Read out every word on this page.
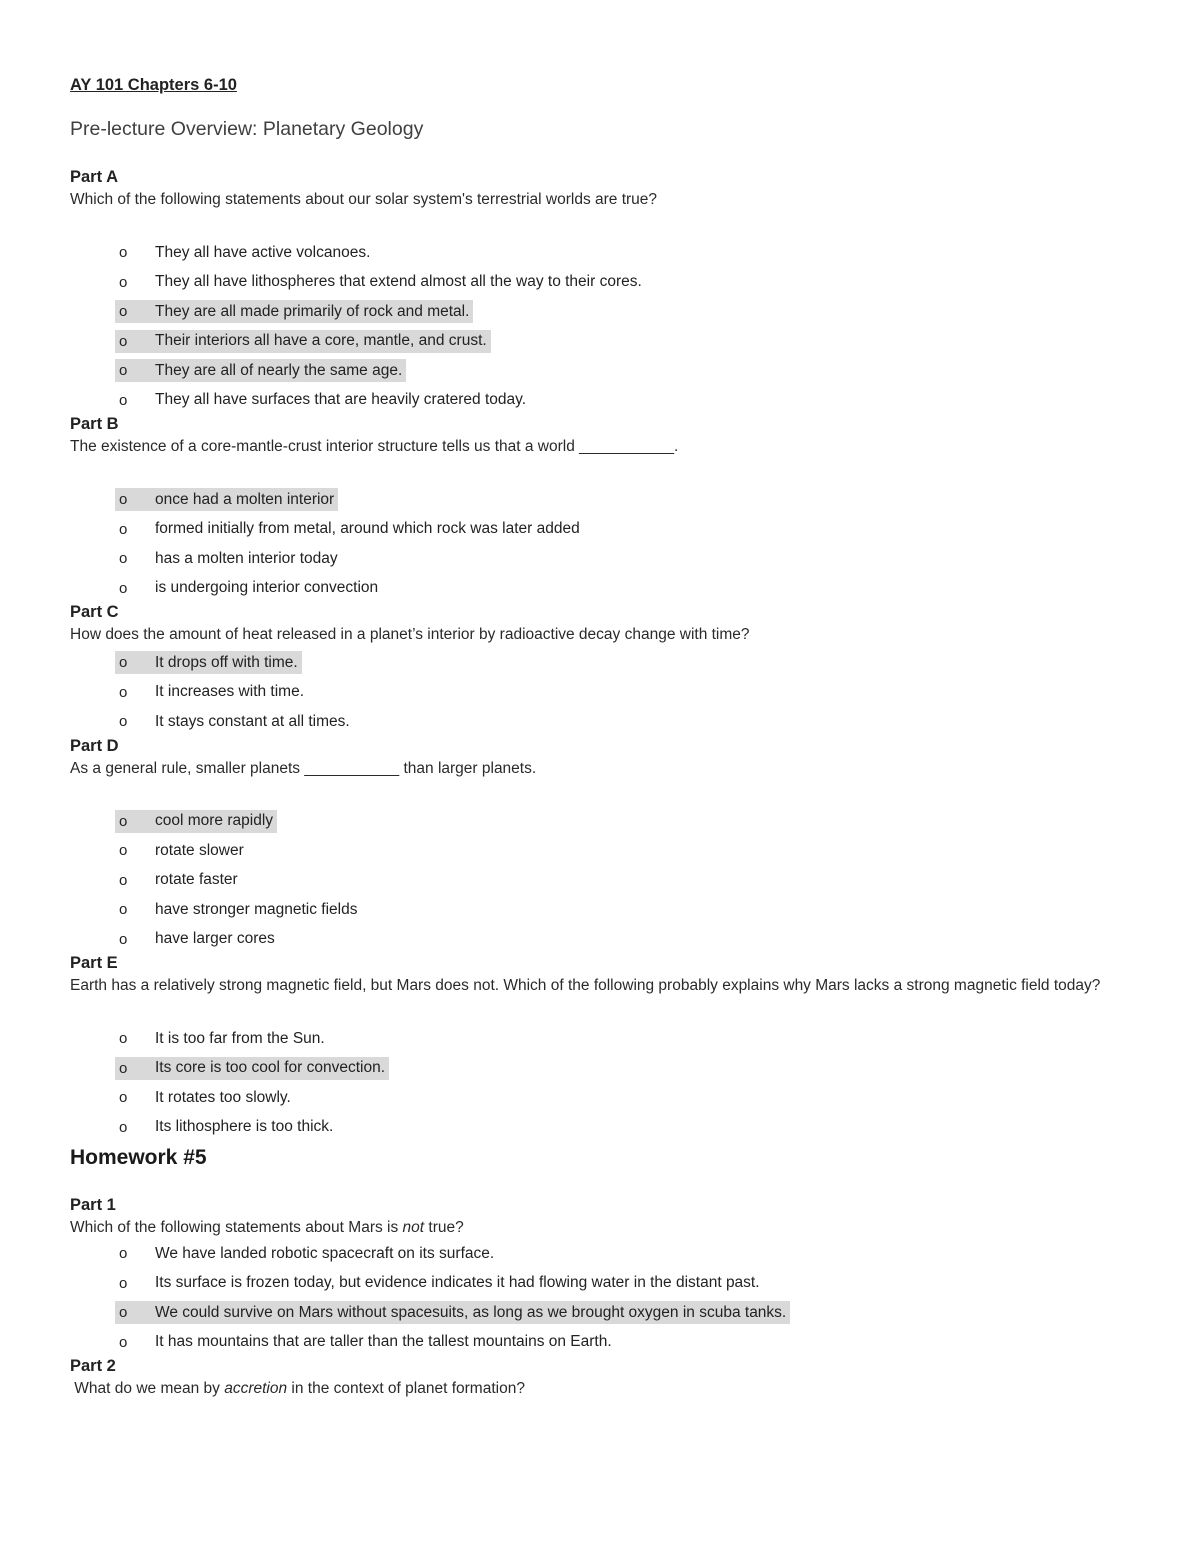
AY 101 Chapters 6-10
Pre-lecture Overview: Planetary Geology
Part A
Which of the following statements about our solar system's terrestrial worlds are true?
o	They all have active volcanoes.
o	They all have lithospheres that extend almost all the way to their cores.
o	They are all made primarily of rock and metal.
o	Their interiors all have a core, mantle, and crust.
o	They are all of nearly the same age.
o	They all have surfaces that are heavily cratered today.
Part B
The existence of a core-mantle-crust interior structure tells us that a world ___________.
o	once had a molten interior
o	formed initially from metal, around which rock was later added
o	has a molten interior today
o	is undergoing interior convection
Part C
How does the amount of heat released in a planet’s interior by radioactive decay change with time?
o	It drops off with time.
o	It increases with time.
o	It stays constant at all times.
Part D
As a general rule, smaller planets ___________ than larger planets.
o	cool more rapidly
o	rotate slower
o	rotate faster
o	have stronger magnetic fields
o	have larger cores
Part E
Earth has a relatively strong magnetic field, but Mars does not. Which of the following probably explains why Mars lacks a strong magnetic field today?
o	It is too far from the Sun.
o	Its core is too cool for convection.
o	It rotates too slowly.
o	Its lithosphere is too thick.
Homework #5
Part 1
Which of the following statements about Mars is not true?
o	We have landed robotic spacecraft on its surface.
o	Its surface is frozen today, but evidence indicates it had flowing water in the distant past.
o	We could survive on Mars without spacesuits, as long as we brought oxygen in scuba tanks.
o	It has mountains that are taller than the tallest mountains on Earth.
Part 2
What do we mean by accretion in the context of planet formation?
